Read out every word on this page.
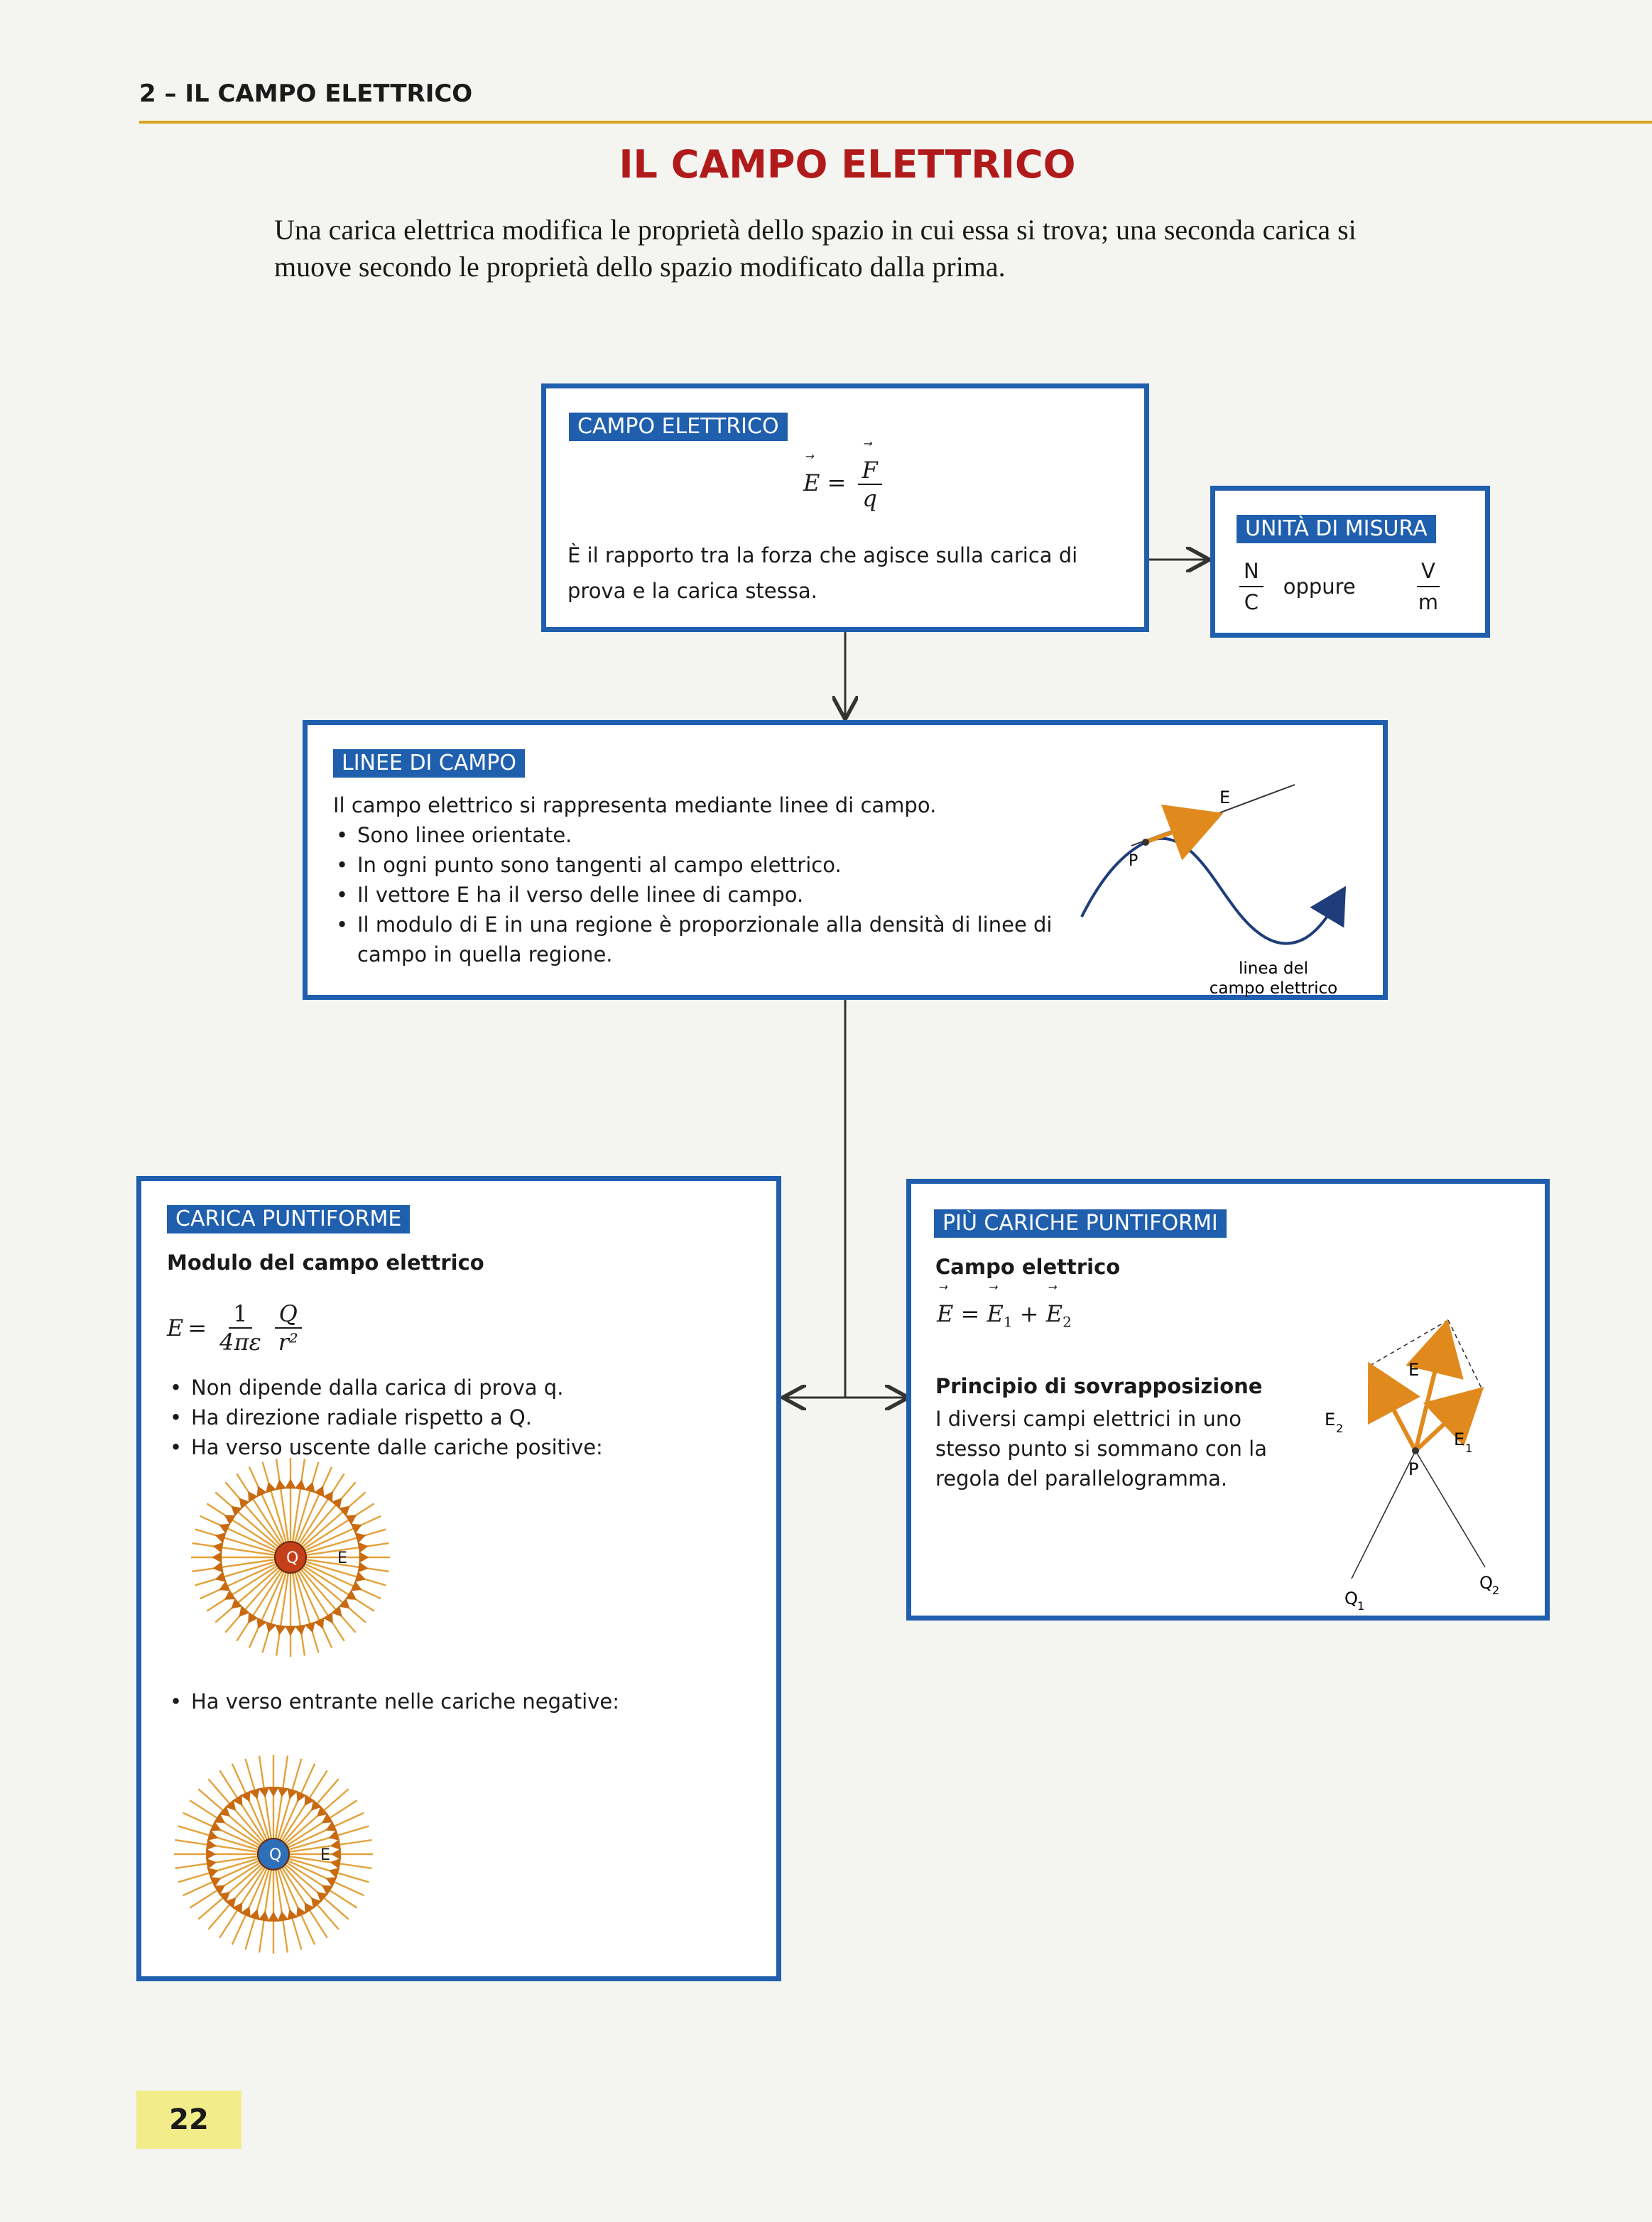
2 – IL CAMPO ELETTRICO
IL CAMPO ELETTRICO
Una carica elettrica modifica le proprietà dello spazio in cui essa si trova; una seconda carica si muove secondo le proprietà dello spazio modificato dalla prima.
CAMPO ELETTRICO
⃗ E =
⃗ $\frac{F}{q}$
È il rapporto tra la forza che agisce sulla carica di prova e la carica stessa.
UNITÀ DI MISURA
$\frac{N}{C}$ oppure	$\frac{V}{m}$
LINEE DI CAMPO
Il campo elettrico si rappresenta mediante linee di campo.
• Sono linee orientate.
• In ogni punto sono tangenti al campo elettrico.
• Il vettore E ha il verso delle linee di campo.
• Il modulo di E in una regione è proporzionale alla densità di linee di campo in quella regione.
P
E
linea del
campo elettrico
CARICA PUNTIFORME
Modulo del campo elettrico
$E = \frac{1}{4\pi\varepsilon} \frac{Q}{\text{r²}}$
• Non dipende dalla carica di prova q.
• Ha direzione radiale rispetto a Q.
• Ha verso uscente dalle cariche positive:
Q E
• Ha verso entrante nelle cariche negative:
Q E
PIÙ CARICHE PUNTIFORMI
Campo elettrico
⃗ E = ⃗ $E_1$ + ⃗ $E_2$
Principio di sovrapposizione
I diversi campi elettrici in uno stesso punto si sommano con la regola del parallelogramma.
E
E 2
E 1
P
Q 1
Q 2
22
